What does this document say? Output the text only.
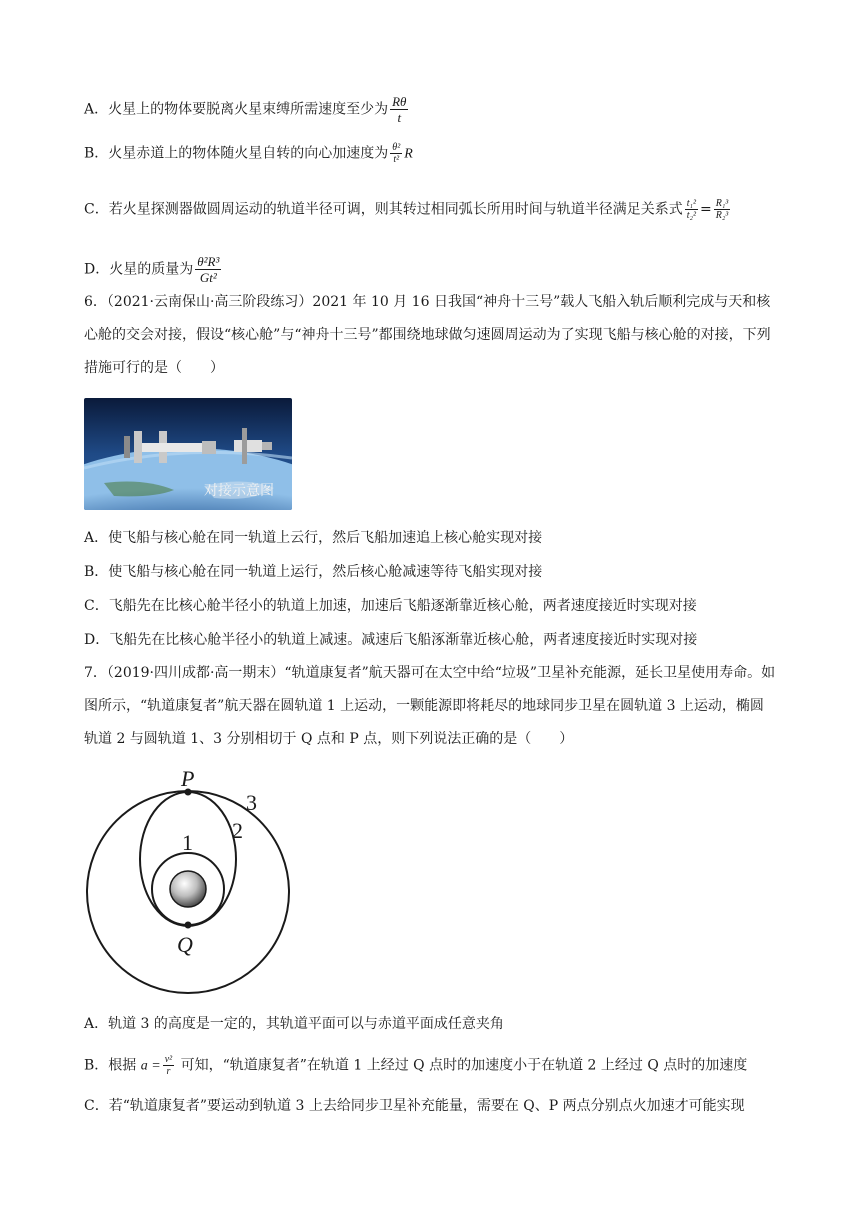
A．火星上的物体要脱离火星束缚所需速度至少为 $\frac{R\theta}{t}$
B．火星赤道上的物体随火星自转的向心加速度为 $\frac{\text{θ²}}{\text{t²}}$ R
C．若火星探测器做圆周运动的轨道半径可调，则其转过相同弧长所用时间与轨道半径满足关系式 $\frac{\text{t₁²}}{\text{t₂²}} = \frac{\text{R₁³}}{\text{R₂³}}$
D．火星的质量为 $\frac{\text{θ²R³}}{\text{Gt²}}$
6．（2021·云南保山·高三阶段练习）2021 年 10 月 16 日我国“神舟十三号”载人飞船入轨后顺利完成与天和核心舱的交会对接，假设“核心舱”与“神舟十三号”都围绕地球做匀速圆周运动为了实现飞船与核心舱的对接，下列措施可行的是（　　）
对接示意图
A．使飞船与核心舱在同一轨道上云行，然后飞船加速追上核心舱实现对接
B．使飞船与核心舱在同一轨道上运行，然后核心舱减速等待飞船实现对接
C．飞船先在比核心舱半径小的轨道上加速，加速后飞船逐渐靠近核心舱，两者速度接近时实现对接
D．飞船先在比核心舱半径小的轨道上减速。减速后飞船涿渐靠近核心舱，两者速度接近时实现对接
7．（2019·四川成都·高一期末）“轨道康复者”航天器可在太空中给“垃圾”卫星补充能源，延长卫星使用寿命。如图所示，“轨道康复者”航天器在圆轨道 1 上运动，一颗能源即将耗尽的地球同步卫星在圆轨道 3 上运动，椭圆轨道 2 与圆轨道 1、3 分别相切于 Q 点和 P 点，则下列说法正确的是（　　）
P
Q
1 2
3
A．轨道 3 的高度是一定的，其轨道平面可以与赤道平面成任意夹角
B．根据 $a = \frac{\text{v²}}{r}$ 可知，“轨道康复者”在轨道 1 上经过 Q 点时的加速度小于在轨道 2 上经过 Q 点时的加速度
C．若“轨道康复者”要运动到轨道 3 上去给同步卫星补充能量，需要在 Q、P 两点分别点火加速才可能实现
